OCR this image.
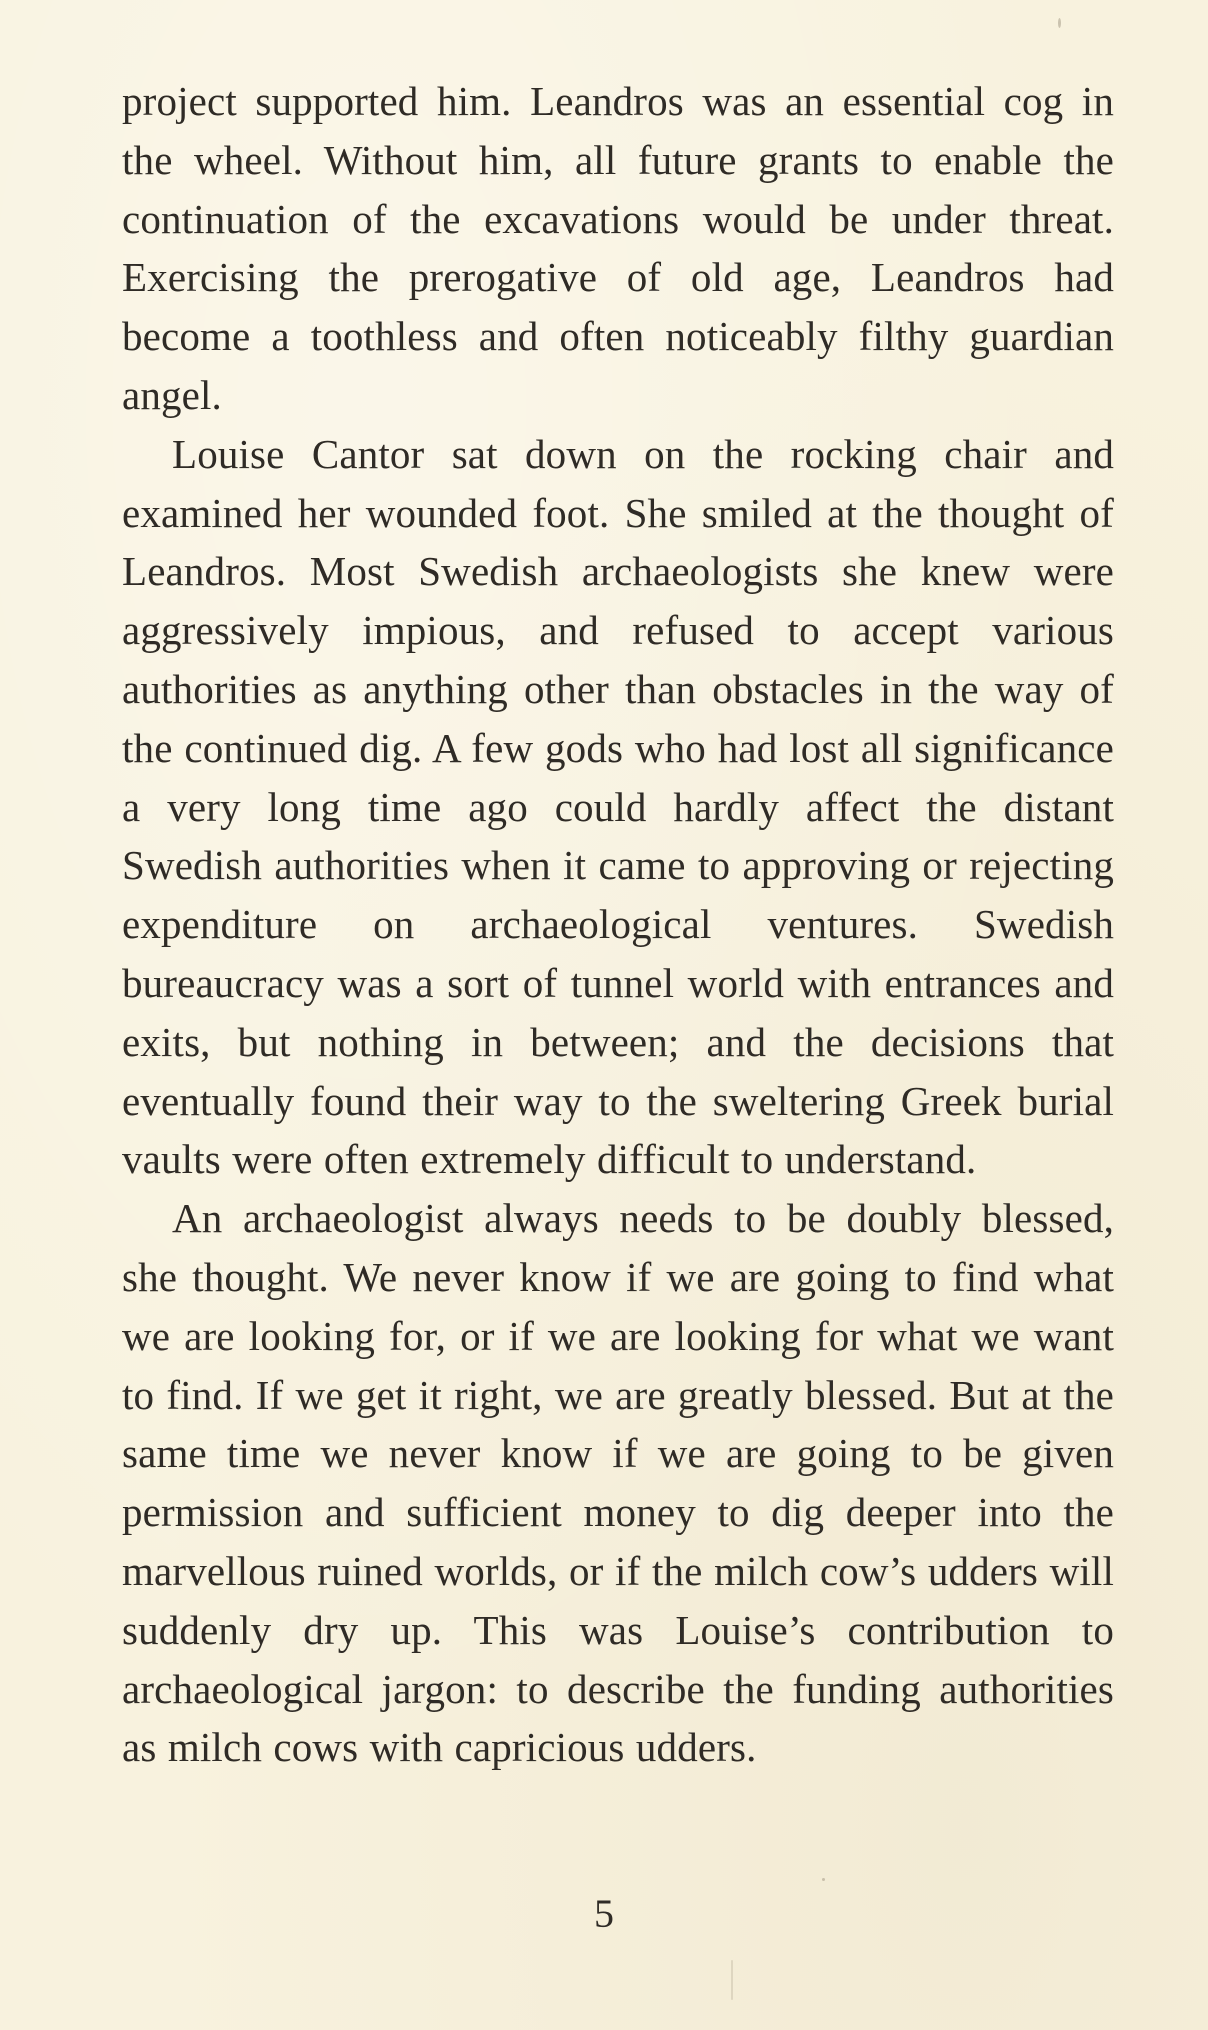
project supported him. Leandros was an essential cog in the wheel. Without him, all future grants to enable the continuation of the excavations would be under threat. Exercising the prerogative of old age, Leandros had become a toothless and often noticeably filthy guardian angel.

Louise Cantor sat down on the rocking chair and examined her wounded foot. She smiled at the thought of Leandros. Most Swedish archaeologists she knew were aggressively impious, and refused to accept various authorities as anything other than obstacles in the way of the continued dig. A few gods who had lost all significance a very long time ago could hardly affect the distant Swedish authorities when it came to approving or rejecting expenditure on archaeological ventures. Swedish bureaucracy was a sort of tunnel world with entrances and exits, but nothing in between; and the decisions that eventually found their way to the sweltering Greek burial vaults were often extremely difficult to understand.

An archaeologist always needs to be doubly blessed, she thought. We never know if we are going to find what we are looking for, or if we are looking for what we want to find. If we get it right, we are greatly blessed. But at the same time we never know if we are going to be given permission and sufficient money to dig deeper into the marvellous ruined worlds, or if the milch cow’s udders will suddenly dry up. This was Louise’s contribution to archaeological jargon: to describe the funding authorities as milch cows with capricious udders.

5
